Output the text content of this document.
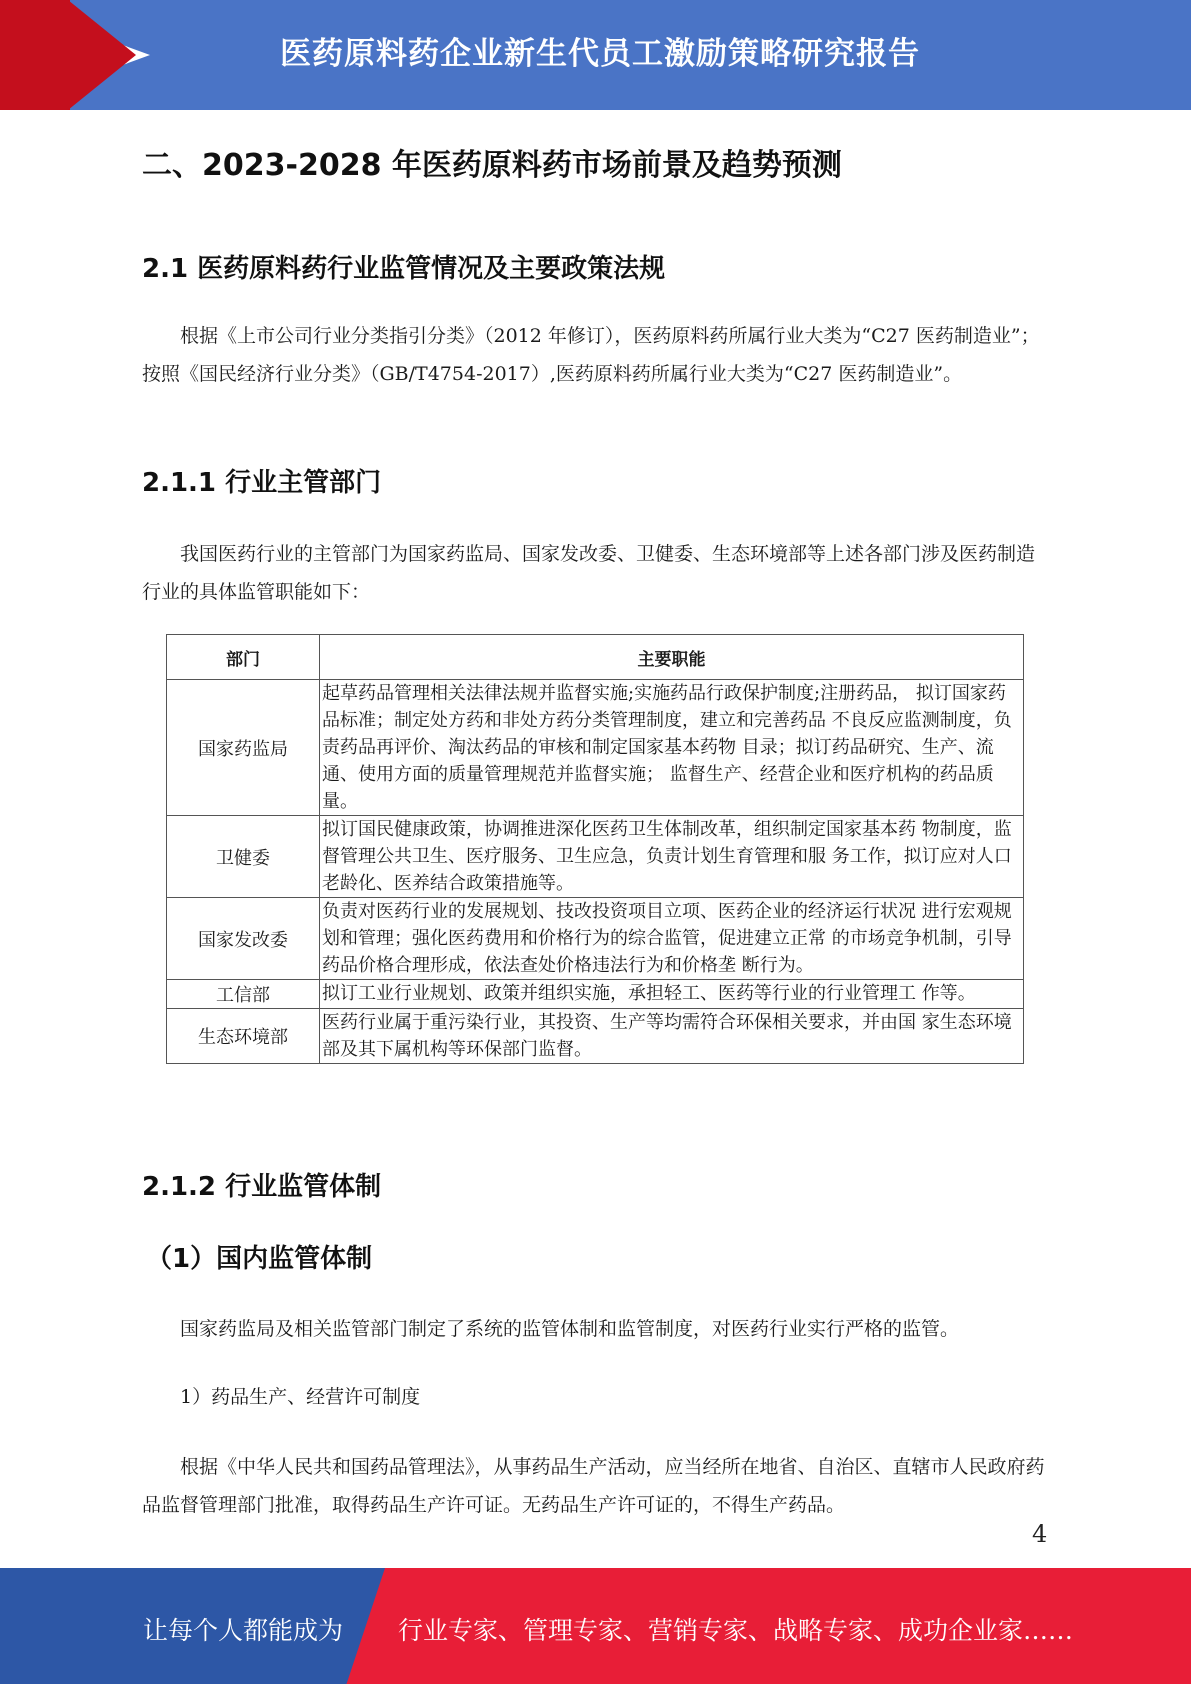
医药原料药企业新生代员工激励策略研究报告
二、2023-2028 年医药原料药市场前景及趋势预测
2.1 医药原料药行业监管情况及主要政策法规
根据《上市公司行业分类指引分类》（2012 年修订），医药原料药所属行业大类为“C27 医药制造业”；按照《国民经济行业分类》（GB/T4754-2017）,医药原料药所属行业大类为“C27 医药制造业”。
2.1.1 行业主管部门
我国医药行业的主管部门为国家药监局、国家发改委、卫健委、生态环境部等上述各部门涉及医药制造行业的具体监管职能如下：
部门	主要职能
国家药监局	起草药品管理相关法律法规并监督实施;实施药品行政保护制度;注册药品， 拟订国家药品标准；制定处方药和非处方药分类管理制度，建立和完善药品 不良反应监测制度，负责药品再评价、淘汰药品的审核和制定国家基本药物 目录；拟订药品研究、生产、流通、使用方面的质量管理规范并监督实施； 监督生产、经营企业和医疗机构的药品质量。
卫健委	拟订国民健康政策，协调推进深化医药卫生体制改革，组织制定国家基本药 物制度，监督管理公共卫生、医疗服务、卫生应急，负责计划生育管理和服 务工作，拟订应对人口老龄化、医养结合政策措施等。
国家发改委	负责对医药行业的发展规划、技改投资项目立项、医药企业的经济运行状况 进行宏观规划和管理；强化医药费用和价格行为的综合监管，促进建立正常 的市场竞争机制，引导药品价格合理形成，依法查处价格违法行为和价格垄 断行为。
工信部	拟订工业行业规划、政策并组织实施，承担轻工、医药等行业的行业管理工 作等。
生态环境部	医药行业属于重污染行业，其投资、生产等均需符合环保相关要求，并由国 家生态环境部及其下属机构等环保部门监督。
2.1.2 行业监管体制
（1）国内监管体制
国家药监局及相关监管部门制定了系统的监管体制和监管制度，对医药行业实行严格的监管。
1）药品生产、经营许可制度
根据《中华人民共和国药品管理法》，从事药品生产活动，应当经所在地省、自治区、直辖市人民政府药品监督管理部门批准，取得药品生产许可证。无药品生产许可证的，不得生产药品。
4
让每个人都能成为 行业专家、管理专家、营销专家、战略专家、成功企业家……
